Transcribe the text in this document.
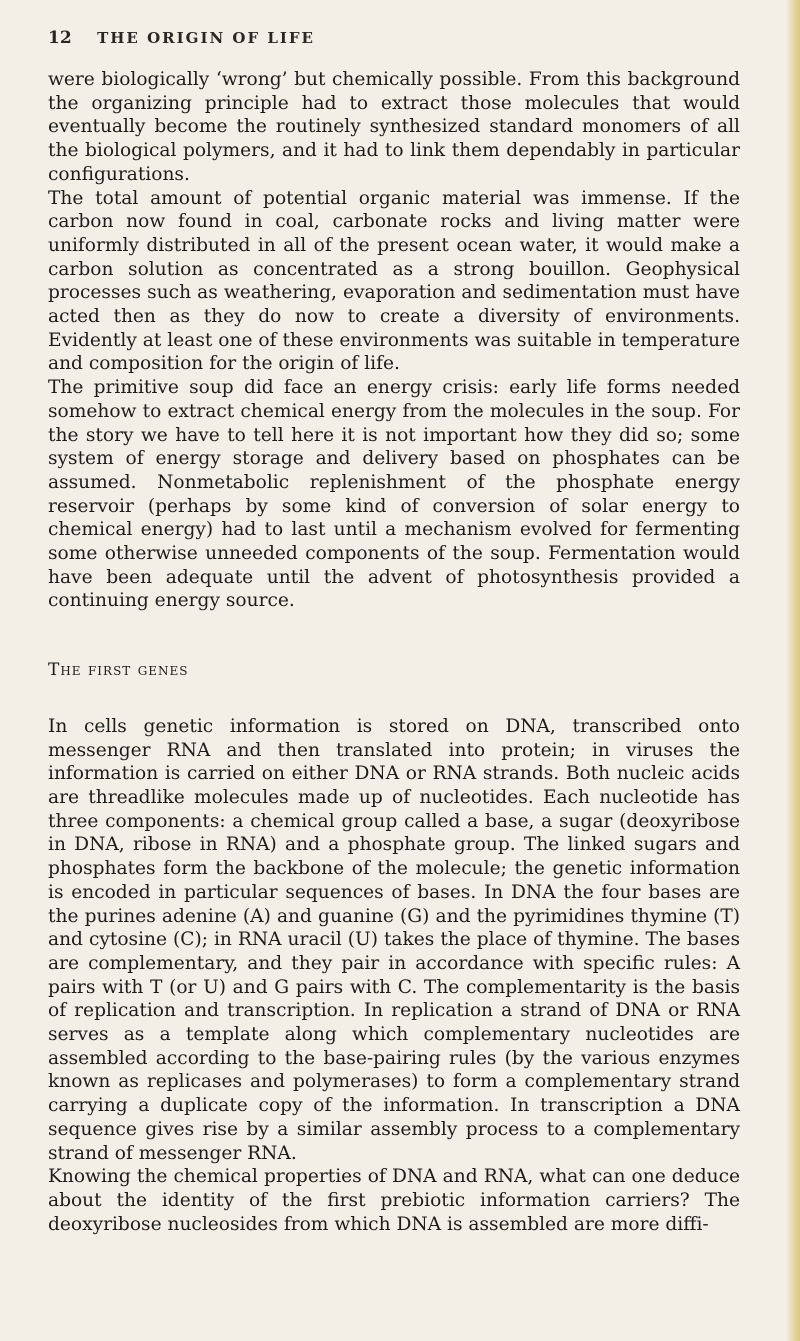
12 THE ORIGIN OF LIFE

were biologically ‘wrong’ but chemically possible. From this background the organizing principle had to extract those molecules that would eventually become the routinely synthesized standard monomers of all the biological polymers, and it had to link them dependably in particular configurations.

The total amount of potential organic material was immense. If the carbon now found in coal, carbonate rocks and living matter were uniformly distributed in all of the present ocean water, it would make a carbon solution as concentrated as a strong bouillon. Geophysical processes such as weathering, evaporation and sedimentation must have acted then as they do now to create a diversity of environments. Evidently at least one of these environments was suitable in temperature and composition for the origin of life.

The primitive soup did face an energy crisis: early life forms needed somehow to extract chemical energy from the molecules in the soup. For the story we have to tell here it is not important how they did so; some system of energy storage and delivery based on phosphates can be assumed. Nonmetabolic replenishment of the phosphate energy reservoir (perhaps by some kind of conversion of solar energy to chemical energy) had to last until a mechanism evolved for fermenting some otherwise unneeded components of the soup. Fermentation would have been adequate until the advent of photosynthesis provided a continuing energy source.

The first genes

In cells genetic information is stored on DNA, transcribed onto messenger RNA and then translated into protein; in viruses the information is carried on either DNA or RNA strands. Both nucleic acids are threadlike molecules made up of nucleotides. Each nucleotide has three components: a chemical group called a base, a sugar (deoxyribose in DNA, ribose in RNA) and a phosphate group. The linked sugars and phosphates form the backbone of the molecule; the genetic information is encoded in particular sequences of bases. In DNA the four bases are the purines adenine (A) and guanine (G) and the pyrimidines thymine (T) and cytosine (C); in RNA uracil (U) takes the place of thymine. The bases are complementary, and they pair in accordance with specific rules: A pairs with T (or U) and G pairs with C. The complementarity is the basis of replication and transcription. In replication a strand of DNA or RNA serves as a template along which complementary nucleotides are assembled according to the base-pairing rules (by the various enzymes known as replicases and polymerases) to form a complementary strand carrying a duplicate copy of the information. In transcription a DNA sequence gives rise by a similar assembly process to a complementary strand of messenger RNA.

Knowing the chemical properties of DNA and RNA, what can one deduce about the identity of the first prebiotic information carriers? The deoxyribose nucleosides from which DNA is assembled are more diffi-
